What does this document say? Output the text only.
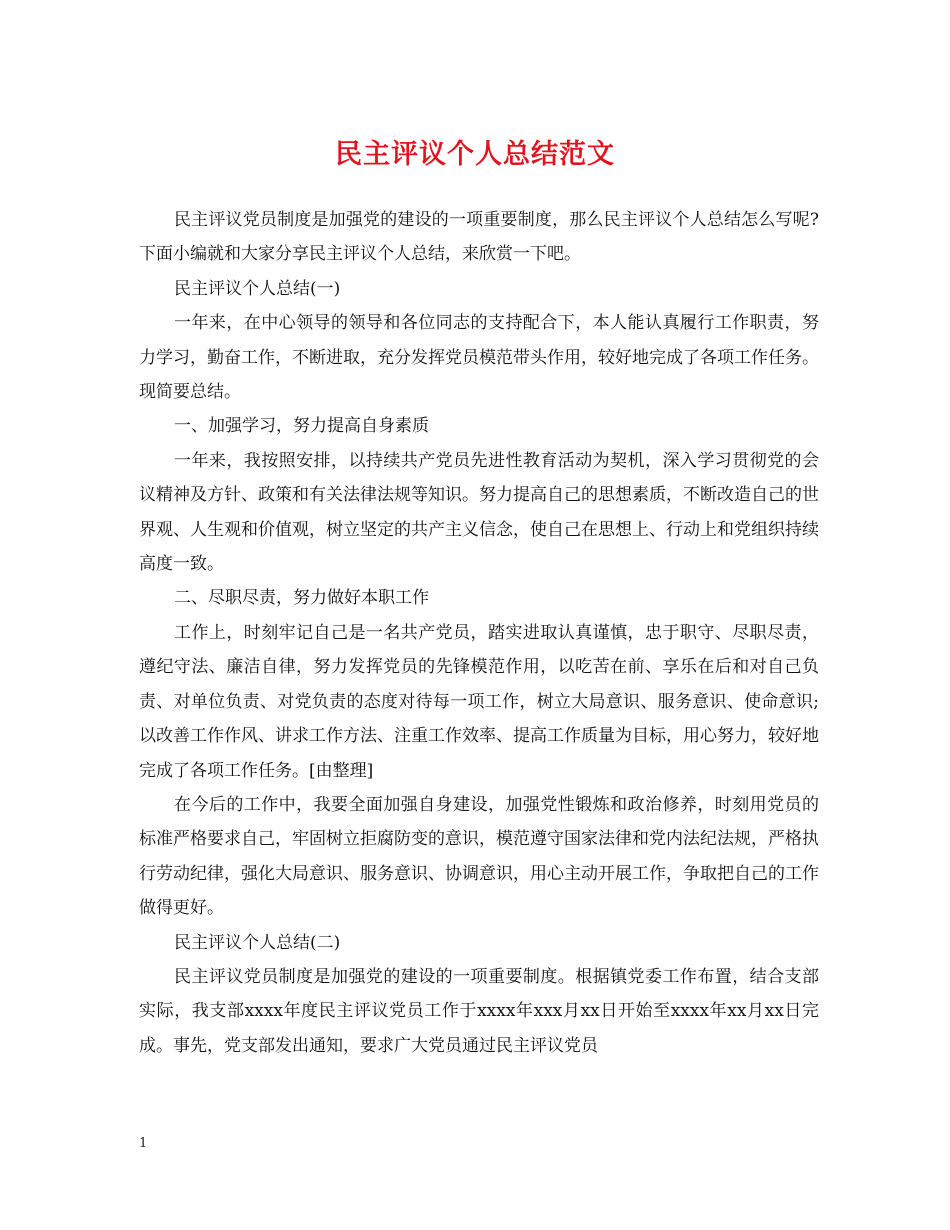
民主评议个人总结范文

民主评议党员制度是加强党的建设的一项重要制度，那么民主评议个人总结怎么写呢?下面小编就和大家分享民主评议个人总结，来欣赏一下吧。

民主评议个人总结(一)

一年来，在中心领导的领导和各位同志的支持配合下，本人能认真履行工作职责，努力学习，勤奋工作，不断进取，充分发挥党员模范带头作用，较好地完成了各项工作任务。现简要总结。

一、加强学习，努力提高自身素质

一年来，我按照安排，以持续共产党员先进性教育活动为契机，深入学习贯彻党的会议精神及方针、政策和有关法律法规等知识。努力提高自己的思想素质，不断改造自己的世界观、人生观和价值观，树立坚定的共产主义信念，使自己在思想上、行动上和党组织持续高度一致。

二、尽职尽责，努力做好本职工作

工作上，时刻牢记自己是一名共产党员，踏实进取认真谨慎，忠于职守、尽职尽责，遵纪守法、廉洁自律，努力发挥党员的先锋模范作用，以吃苦在前、享乐在后和对自己负责、对单位负责、对党负责的态度对待每一项工作，树立大局意识、服务意识、使命意识;以改善工作作风、讲求工作方法、注重工作效率、提高工作质量为目标，用心努力，较好地完成了各项工作任务。[由整理]

在今后的工作中，我要全面加强自身建设，加强党性锻炼和政治修养，时刻用党员的标准严格要求自己，牢固树立拒腐防变的意识，模范遵守国家法律和党内法纪法规，严格执行劳动纪律，强化大局意识、服务意识、协调意识，用心主动开展工作，争取把自己的工作做得更好。

民主评议个人总结(二)

民主评议党员制度是加强党的建设的一项重要制度。根据镇党委工作布置，结合支部实际，我支部xxxx年度民主评议党员工作于xxxx年xxx月xx日开始至xxxx年xx月xx日完成。事先，党支部发出通知，要求广大党员通过民主评议党员

1
